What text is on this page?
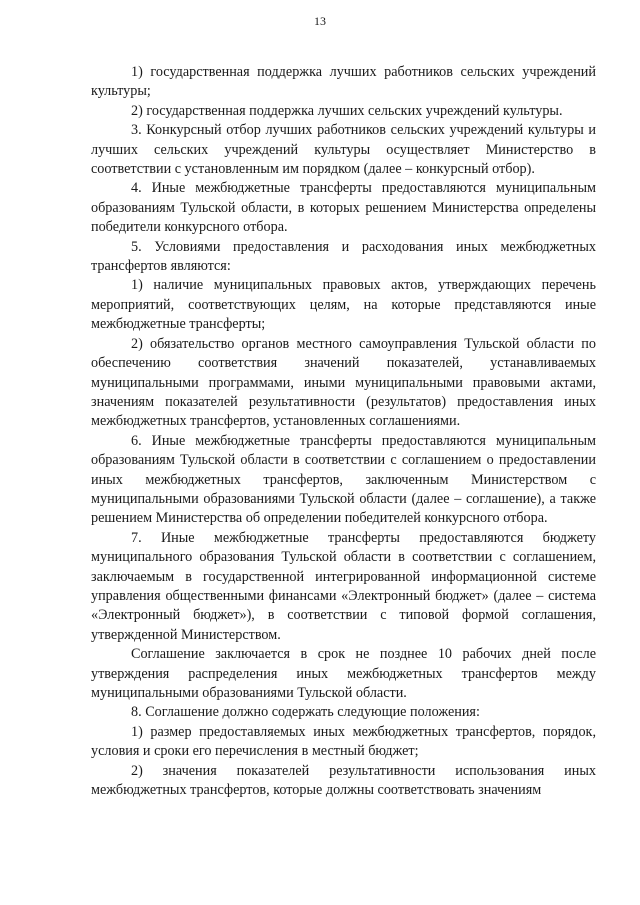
13

1) государственная поддержка лучших работников сельских учреждений культуры;

2) государственная поддержка лучших сельских учреждений культуры.

3. Конкурсный отбор лучших работников сельских учреждений культуры и лучших сельских учреждений культуры осуществляет Министерство в соответствии с установленным им порядком (далее – конкурсный отбор).

4. Иные межбюджетные трансферты предоставляются муниципальным образованиям Тульской области, в которых решением Министерства определены победители конкурсного отбора.

5. Условиями предоставления и расходования иных межбюджетных трансфертов являются:

1) наличие муниципальных правовых актов, утверждающих перечень мероприятий, соответствующих целям, на которые представляются иные межбюджетные трансферты;

2) обязательство органов местного самоуправления Тульской области по обеспечению соответствия значений показателей, устанавливаемых муниципальными программами, иными муниципальными правовыми актами, значениям показателей результативности (результатов) предоставления иных межбюджетных трансфертов, установленных соглашениями.

6. Иные межбюджетные трансферты предоставляются муниципальным образованиям Тульской области в соответствии с соглашением о предоставлении иных межбюджетных трансфертов, заключенным Министерством с муниципальными образованиями Тульской области (далее – соглашение), а также решением Министерства об определении победителей конкурсного отбора.

7. Иные межбюджетные трансферты предоставляются бюджету муниципального образования Тульской области в соответствии с соглашением, заключаемым в государственной интегрированной информационной системе управления общественными финансами «Электронный бюджет» (далее – система «Электронный бюджет»), в соответствии с типовой формой соглашения, утвержденной Министерством.

Соглашение заключается в срок не позднее 10 рабочих дней после утверждения распределения иных межбюджетных трансфертов между муниципальными образованиями Тульской области.

8. Соглашение должно содержать следующие положения:

1) размер предоставляемых иных межбюджетных трансфертов, порядок, условия и сроки его перечисления в местный бюджет;

2) значения показателей результативности использования иных межбюджетных трансфертов, которые должны соответствовать значениям
